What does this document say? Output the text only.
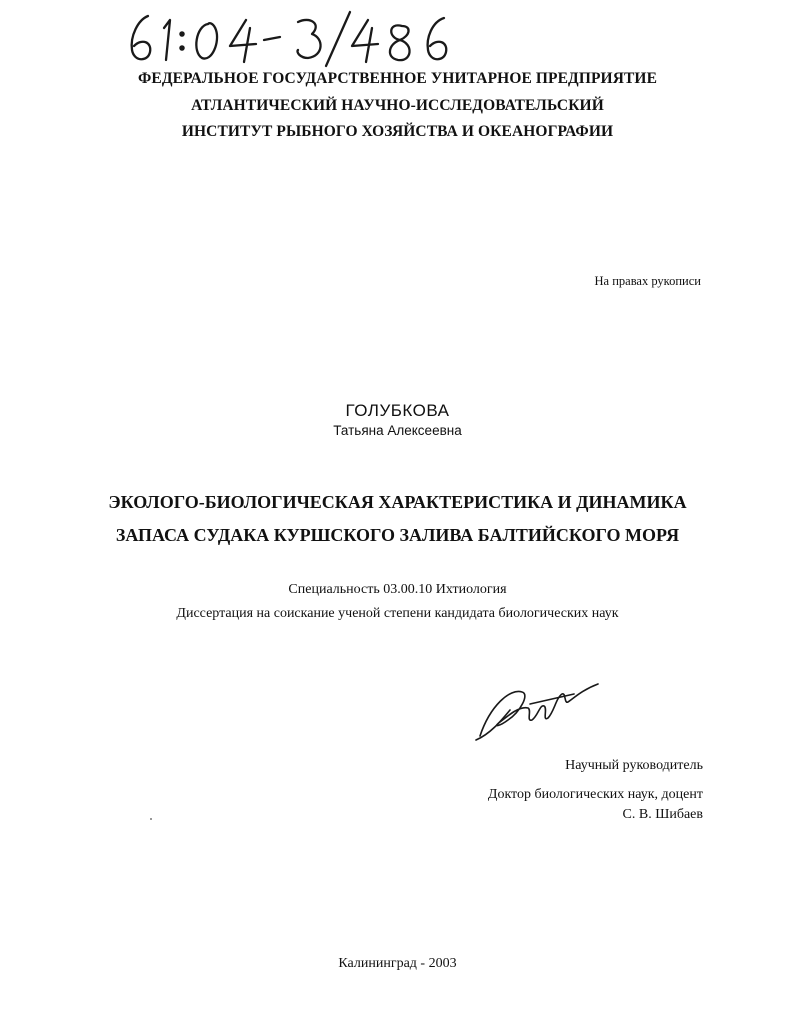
ФЕДЕРАЛЬНОЕ ГОСУДАРСТВЕННОЕ УНИТАРНОЕ ПРЕДПРИЯТИЕ
АТЛАНТИЧЕСКИЙ НАУЧНО-ИССЛЕДОВАТЕЛЬСКИЙ
ИНСТИТУТ РЫБНОГО ХОЗЯЙСТВА И ОКЕАНОГРАФИИ
На правах рукописи
ГОЛУБКОВА
Татьяна Алексеевна
ЭКОЛОГО-БИОЛОГИЧЕСКАЯ ХАРАКТЕРИСТИКА И ДИНАМИКА
ЗАПАСА СУДАКА КУРШСКОГО ЗАЛИВА БАЛТИЙСКОГО МОРЯ
Специальность 03.00.10 Ихтиология
Диссертация на соискание ученой степени кандидата биологических наук
Научный руководитель
Доктор биологических наук, доцент
С. В. Шибаев
Калининград - 2003
